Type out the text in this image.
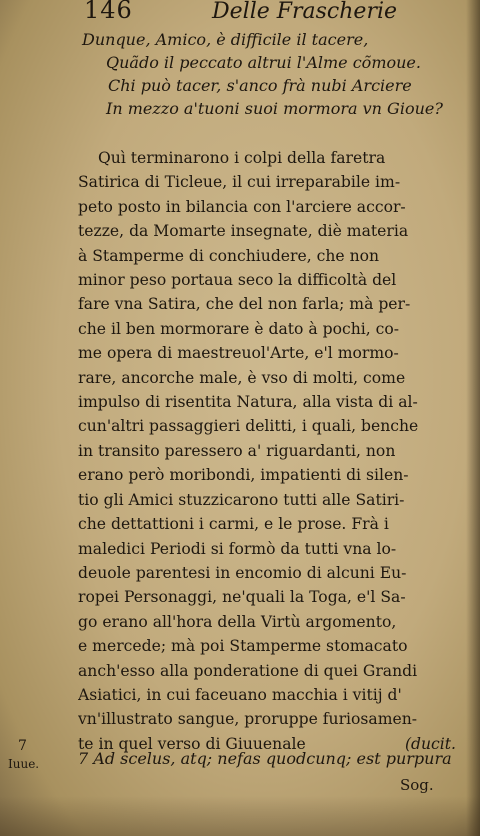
146	Delle Frascherie
Dunque, Amico, è difficile il tacere,
Quãdo il peccato altrui l'Alme cõmoue.
Chi può tacer, s'anco frà nubi Arciere
In mezzo a'tuoni suoi mormora vn Gioue?
Quì terminarono i colpi della faretra
Satirica di Ticleue, il cui irreparabile im-
peto posto in bilancia con l'arciere accor-
tezze, da Momarte insegnate, diè materia
à Stamperme di conchiudere, che non
minor peso portaua seco la difficoltà del
fare vna Satira, che del non farla; mà per-
che il ben mormorare è dato à pochi, co-
me opera di maestreuol'Arte, e'l mormo-
rare, ancorche male, è vso di molti, come
impulso di risentita Natura, alla vista di al-
cun'altri passaggieri delitti, i quali, benche
in transito paressero a' riguardanti, non
erano però moribondi, impatienti di silen-
tio gli Amici stuzzicarono tutti alle Satiri-
che dettattioni i carmi, e le prose. Frà i
maledici Periodi si formò da tutti vna lo-
deuole parentesi in encomio di alcuni Eu-
ropei Personaggi, ne'quali la Toga, e'l Sa-
go erano all'hora della Virtù argomento,
e mercede; mà poi Stamperme stomacato
anch'esso alla ponderatione di quei Grandi
Asiatici, in cui faceuano macchia i vitij d'
vn'illustrato sangue, proruppe furiosamen-
te in quel verso di Giuuenale	(ducit.
7
Iuue. 7 Ad scelus, atq; nefas quodcunq; est purpura
Sog.
